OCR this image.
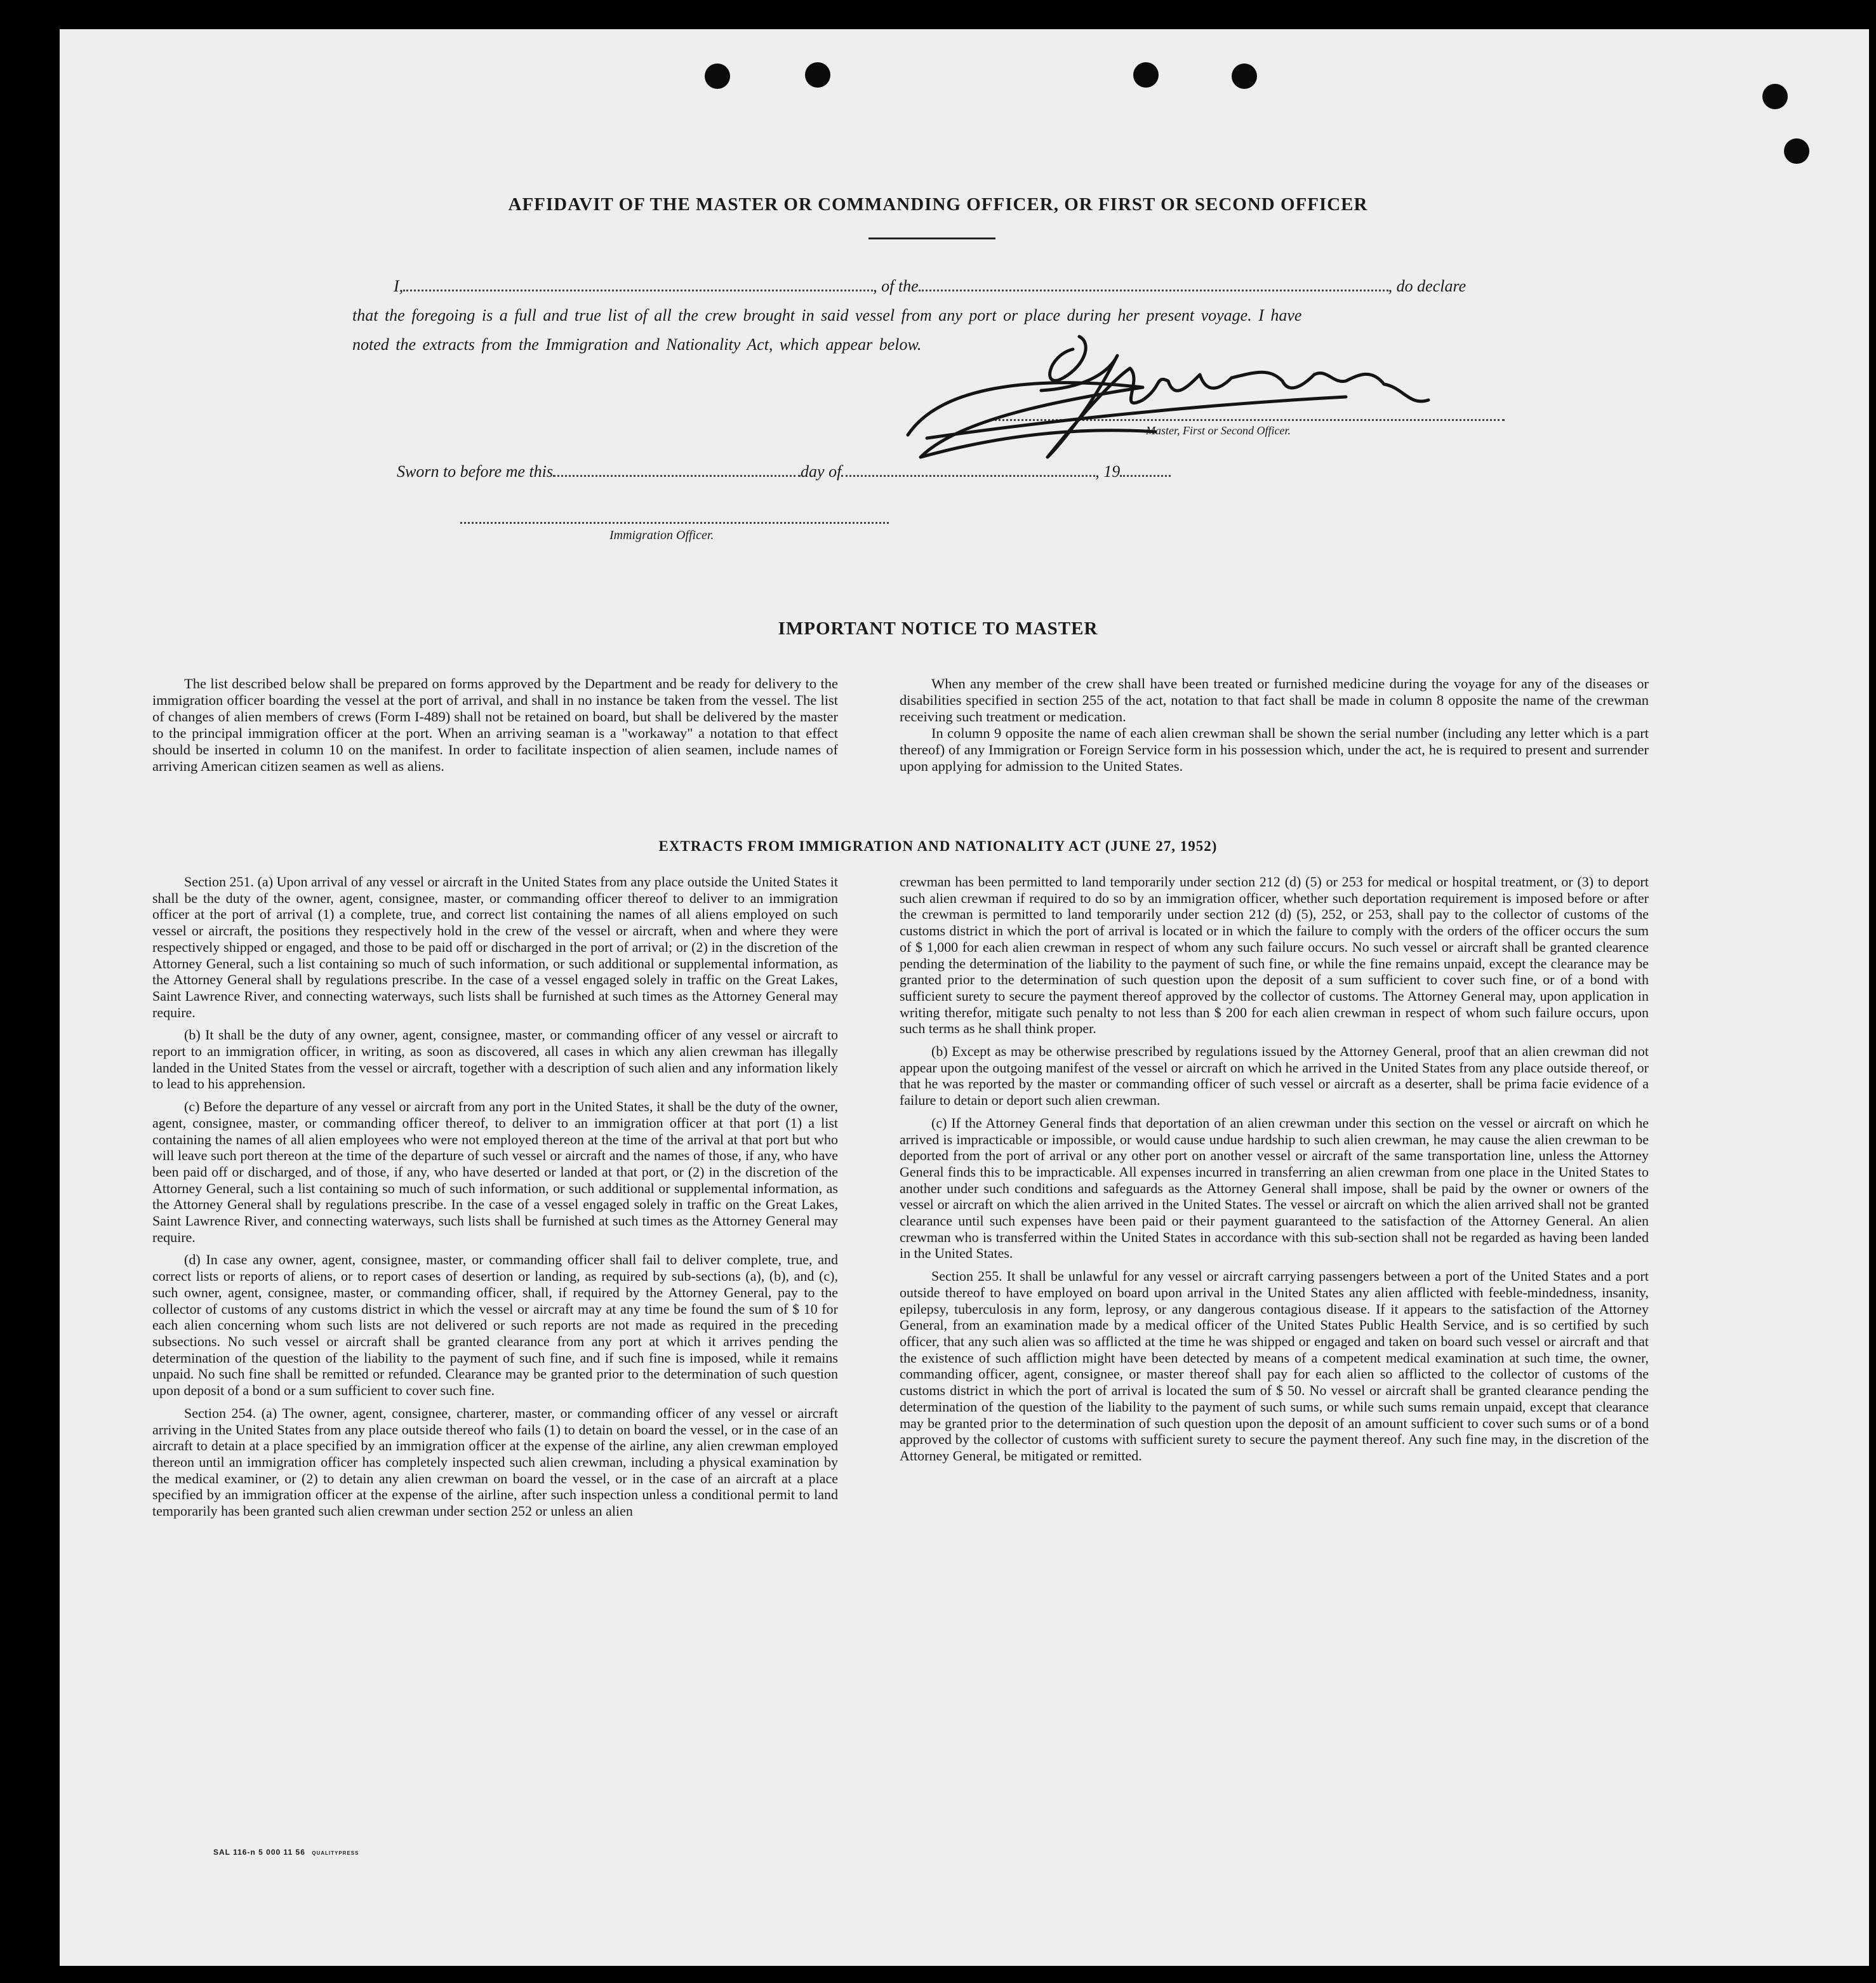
AFFIDAVIT OF THE MASTER OR COMMANDING OFFICER, OR FIRST OR SECOND OFFICER
I,	, of the	, do declare
that the foregoing is a full and true list of all the crew brought in said vessel from any port or place during her present voyage. I have
noted the extracts from the Immigration and Nationality Act, which appear below.
Master, First or Second Officer.
Sworn to before me this	day of	, 19
Immigration Officer.
IMPORTANT NOTICE TO MASTER

The list described below shall be prepared on forms approved by the Department and be ready for delivery to the immigration officer boarding the vessel at the port of arrival, and shall in no instance be taken from the vessel. The list of changes of alien members of crews (Form I-489) shall not be retained on board, but shall be delivered by the master to the principal immigration officer at the port. When an arriving seaman is a "workaway" a notation to that effect should be inserted in column 10 on the manifest. In order to facilitate inspection of alien seamen, include names of arriving American citizen seamen as well as aliens.

When any member of the crew shall have been treated or furnished medicine during the voyage for any of the diseases or disabilities specified in section 255 of the act, notation to that fact shall be made in column 8 opposite the name of the crewman receiving such treatment or medication.

In column 9 opposite the name of each alien crewman shall be shown the serial number (including any letter which is a part thereof) of any Immigration or Foreign Service form in his possession which, under the act, he is required to present and surrender upon applying for admission to the United States.

EXTRACTS FROM IMMIGRATION AND NATIONALITY ACT (JUNE 27, 1952)

Section 251. (a) Upon arrival of any vessel or aircraft in the United States from any place outside the United States it shall be the duty of the owner, agent, consignee, master, or commanding officer thereof to deliver to an immigration officer at the port of arrival (1) a complete, true, and correct list containing the names of all aliens employed on such vessel or aircraft, the positions they respectively hold in the crew of the vessel or aircraft, when and where they were respectively shipped or engaged, and those to be paid off or discharged in the port of arrival; or (2) in the discretion of the Attorney General, such a list containing so much of such information, or such additional or supplemental information, as the Attorney General shall by regulations prescribe. In the case of a vessel engaged solely in traffic on the Great Lakes, Saint Lawrence River, and connecting waterways, such lists shall be furnished at such times as the Attorney General may require.

(b) It shall be the duty of any owner, agent, consignee, master, or commanding officer of any vessel or aircraft to report to an immigration officer, in writing, as soon as discovered, all cases in which any alien crewman has illegally landed in the United States from the vessel or aircraft, together with a description of such alien and any information likely to lead to his apprehension.

(c) Before the departure of any vessel or aircraft from any port in the United States, it shall be the duty of the owner, agent, consignee, master, or commanding officer thereof, to deliver to an immigration officer at that port (1) a list containing the names of all alien employees who were not employed thereon at the time of the arrival at that port but who will leave such port thereon at the time of the departure of such vessel or aircraft and the names of those, if any, who have been paid off or discharged, and of those, if any, who have deserted or landed at that port, or (2) in the discretion of the Attorney General, such a list containing so much of such information, or such additional or supplemental information, as the Attorney General shall by regulations prescribe. In the case of a vessel engaged solely in traffic on the Great Lakes, Saint Lawrence River, and connecting waterways, such lists shall be furnished at such times as the Attorney General may require.

(d) In case any owner, agent, consignee, master, or commanding officer shall fail to deliver complete, true, and correct lists or reports of aliens, or to report cases of desertion or landing, as required by sub-sections (a), (b), and (c), such owner, agent, consignee, master, or commanding officer, shall, if required by the Attorney General, pay to the collector of customs of any customs district in which the vessel or aircraft may at any time be found the sum of $ 10 for each alien concerning whom such lists are not delivered or such reports are not made as required in the preceding subsections. No such vessel or aircraft shall be granted clearance from any port at which it arrives pending the determination of the question of the liability to the payment of such fine, and if such fine is imposed, while it remains unpaid. No such fine shall be remitted or refunded. Clearance may be granted prior to the determination of such question upon deposit of a bond or a sum sufficient to cover such fine.

Section 254. (a) The owner, agent, consignee, charterer, master, or commanding officer of any vessel or aircraft arriving in the United States from any place outside thereof who fails (1) to detain on board the vessel, or in the case of an aircraft to detain at a place specified by an immigration officer at the expense of the airline, any alien crewman employed thereon until an immigration officer has completely inspected such alien crewman, including a physical examination by the medical examiner, or (2) to detain any alien crewman on board the vessel, or in the case of an aircraft at a place specified by an immigration officer at the expense of the airline, after such inspection unless a conditional permit to land temporarily has been granted such alien crewman under section 252 or unless an alien

crewman has been permitted to land temporarily under section 212 (d) (5) or 253 for medical or hospital treatment, or (3) to deport such alien crewman if required to do so by an immigration officer, whether such deportation requirement is imposed before or after the crewman is permitted to land temporarily under section 212 (d) (5), 252, or 253, shall pay to the collector of customs of the customs district in which the port of arrival is located or in which the failure to comply with the orders of the officer occurs the sum of $ 1,000 for each alien crewman in respect of whom any such failure occurs. No such vessel or aircraft shall be granted clearence pending the determination of the liability to the payment of such fine, or while the fine remains unpaid, except the clearance may be granted prior to the determination of such question upon the deposit of a sum sufficient to cover such fine, or of a bond with sufficient surety to secure the payment thereof approved by the collector of customs. The Attorney General may, upon application in writing therefor, mitigate such penalty to not less than $ 200 for each alien crewman in respect of whom such failure occurs, upon such terms as he shall think proper.

(b) Except as may be otherwise prescribed by regulations issued by the Attorney General, proof that an alien crewman did not appear upon the outgoing manifest of the vessel or aircraft on which he arrived in the United States from any place outside thereof, or that he was reported by the master or commanding officer of such vessel or aircraft as a deserter, shall be prima facie evidence of a failure to detain or deport such alien crewman.

(c) If the Attorney General finds that deportation of an alien crewman under this section on the vessel or aircraft on which he arrived is impracticable or impossible, or would cause undue hardship to such alien crewman, he may cause the alien crewman to be deported from the port of arrival or any other port on another vessel or aircraft of the same transportation line, unless the Attorney General finds this to be impracticable. All expenses incurred in transferring an alien crewman from one place in the United States to another under such conditions and safeguards as the Attorney General shall impose, shall be paid by the owner or owners of the vessel or aircraft on which the alien arrived in the United States. The vessel or aircraft on which the alien arrived shall not be granted clearance until such expenses have been paid or their payment guaranteed to the satisfaction of the Attorney General. An alien crewman who is transferred within the United States in accordance with this sub-section shall not be regarded as having been landed in the United States.

Section 255. It shall be unlawful for any vessel or aircraft carrying passengers between a port of the United States and a port outside thereof to have employed on board upon arrival in the United States any alien afflicted with feeble-mindedness, insanity, epilepsy, tuberculosis in any form, leprosy, or any dangerous contagious disease. If it appears to the satisfaction of the Attorney General, from an examination made by a medical officer of the United States Public Health Service, and is so certified by such officer, that any such alien was so afflicted at the time he was shipped or engaged and taken on board such vessel or aircraft and that the existence of such affliction might have been detected by means of a competent medical examination at such time, the owner, commanding officer, agent, consignee, or master thereof shall pay for each alien so afflicted to the collector of customs of the customs district in which the port of arrival is located the sum of $ 50. No vessel or aircraft shall be granted clearance pending the determination of the question of the liability to the payment of such sums, or while such sums remain unpaid, except that clearance may be granted prior to the determination of such question upon the deposit of an amount sufficient to cover such sums or of a bond approved by the collector of customs with sufficient surety to secure the payment thereof. Any such fine may, in the discretion of the Attorney General, be mitigated or remitted.

SAL 116-n 5 000 11 56 QUALITYPRESS
